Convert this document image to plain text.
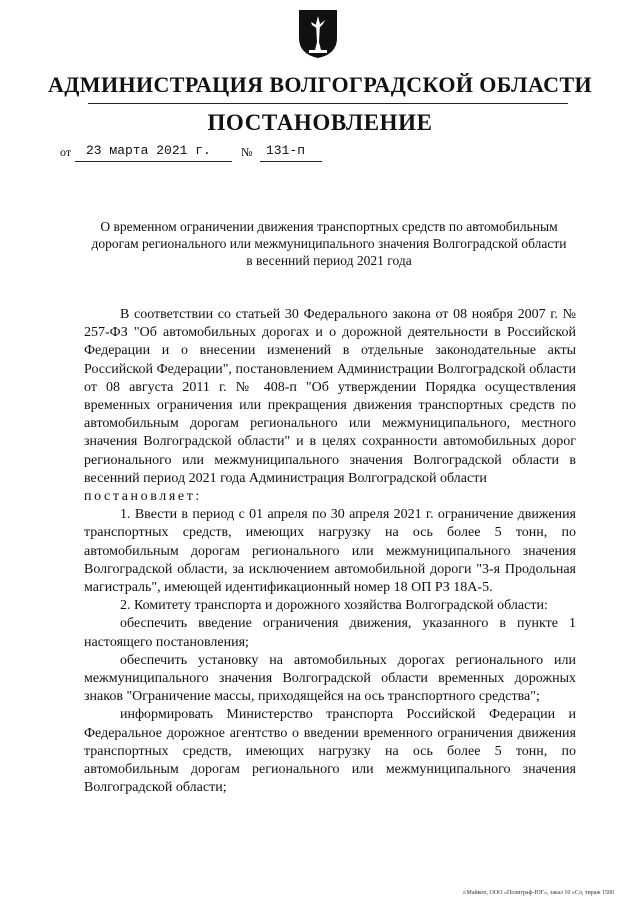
АДМИНИСТРАЦИЯ ВОЛГОГРАДСКОЙ ОБЛАСТИ
ПОСТАНОВЛЕНИЕ
от 23 марта 2021 г.	№ 131-п
О временном ограничении движения транспортных средств по автомобильным
дорогам регионального или межмуниципального значения Волгоградской области
в весенний период 2021 года

В соответствии со статьей 30 Федерального закона от 08 ноября 2007 г. № 257-ФЗ "Об автомобильных дорогах и о дорожной деятельности в Российской Федерации и о внесении изменений в отдельные законодательные акты Российской Федерации", постановлением Администрации Волгоградской области от 08 августа 2011 г. № 408-п "Об утверждении Порядка осуществления временных ограничения или прекращения движения транспортных средств по автомобильным дорогам регионального или межмуниципального, местного значения Волгоградской области" и в целях сохранности автомобильных дорог регионального или межмуниципального значения Волгоградской области в весенний период 2021 года Администрация Волгоградской области

постановляет:

1. Ввести в период с 01 апреля по 30 апреля 2021 г. ограничение движения транспортных средств, имеющих нагрузку на ось более 5 тонн, по автомобильным дорогам регионального или межмуниципального значения Волгоградской области, за исключением автомобильной дороги "3-я Продольная магистраль", имеющей идентификационный номер 18 ОП РЗ 18А-5.

2. Комитету транспорта и дорожного хозяйства Волгоградской области:

обеспечить введение ограничения движения, указанного в пункте 1 настоящего постановления;

обеспечить установку на автомобильных дорогах регионального или межмуниципального значения Волгоградской области временных дорожных знаков "Ограничение массы, приходящейся на ось транспортного средства";

информировать Министерство транспорта Российской Федерации и Федеральное дорожное агентство о введении временного ограничения движения транспортных средств, имеющих нагрузку на ось более 5 тонн, по автомобильным дорогам регионального или межмуниципального значения Волгоградской области;

г.Майкоп, ООО «Полиграф-ЮГ», заказ 10 «Сл, тираж 1500
